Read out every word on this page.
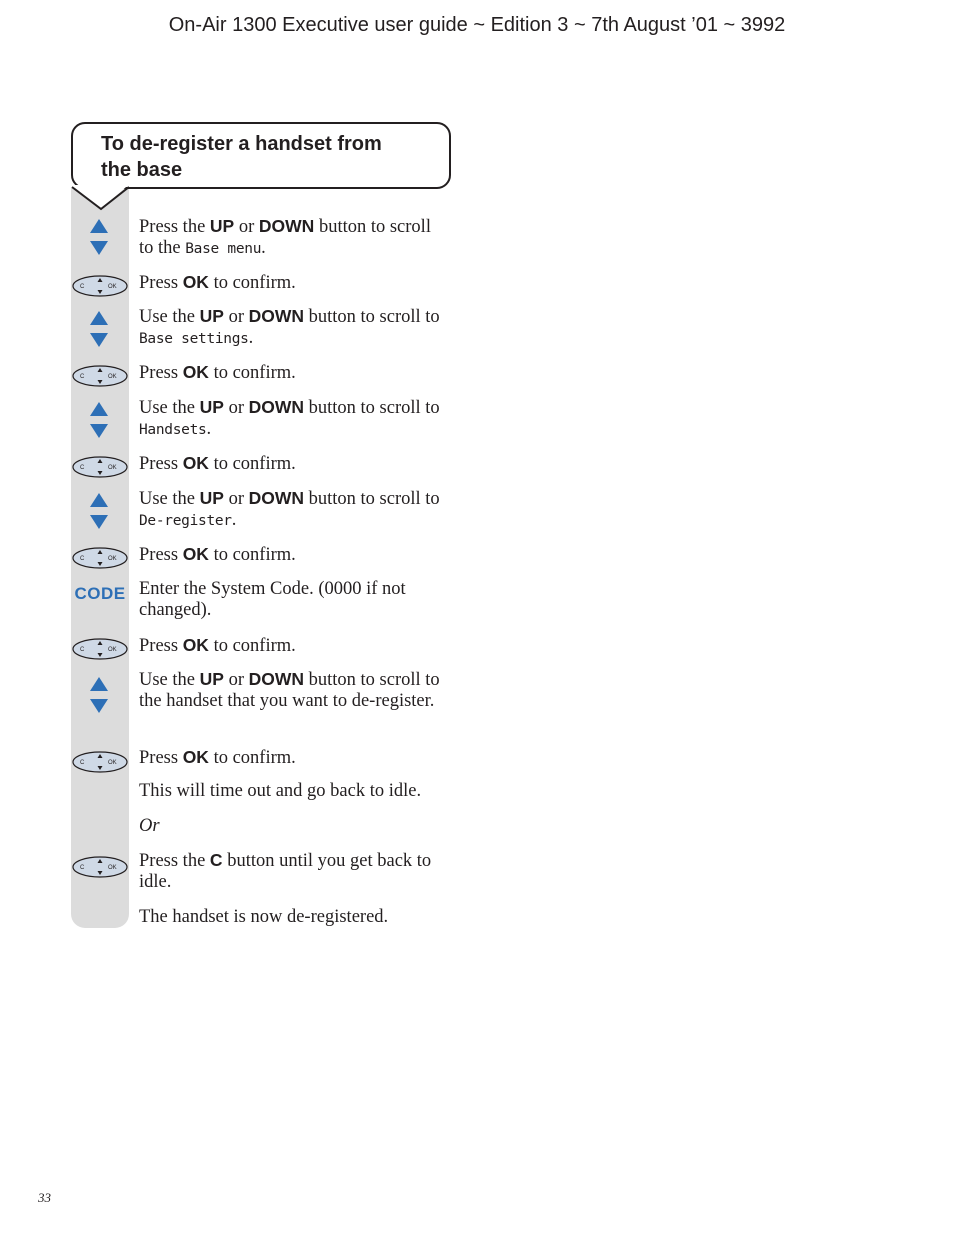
On-Air 1300 Executive user guide ~ Edition 3 ~ 7th August ’01 ~ 3992
To de-register a handset from the base
Press the UP or DOWN button to scroll to the Base menu.
C	OK Press OK to confirm.
Use the UP or DOWN button to scroll to Base settings.
C	OK Press OK to confirm.
Use the UP or DOWN button to scroll to Handsets.
C	OK Press OK to confirm.
Use the UP or DOWN button to scroll to De-register.
C	OK Press OK to confirm.
CODE Enter the System Code. (0000 if not changed).
C	OK Press OK to confirm.
Use the UP or DOWN button to scroll to the handset that you want to de-register.
C	OK Press OK to confirm.
This will time out and go back to idle.
Or
C	OK Press the C button until you get back to idle.
The handset is now de-registered.
33
